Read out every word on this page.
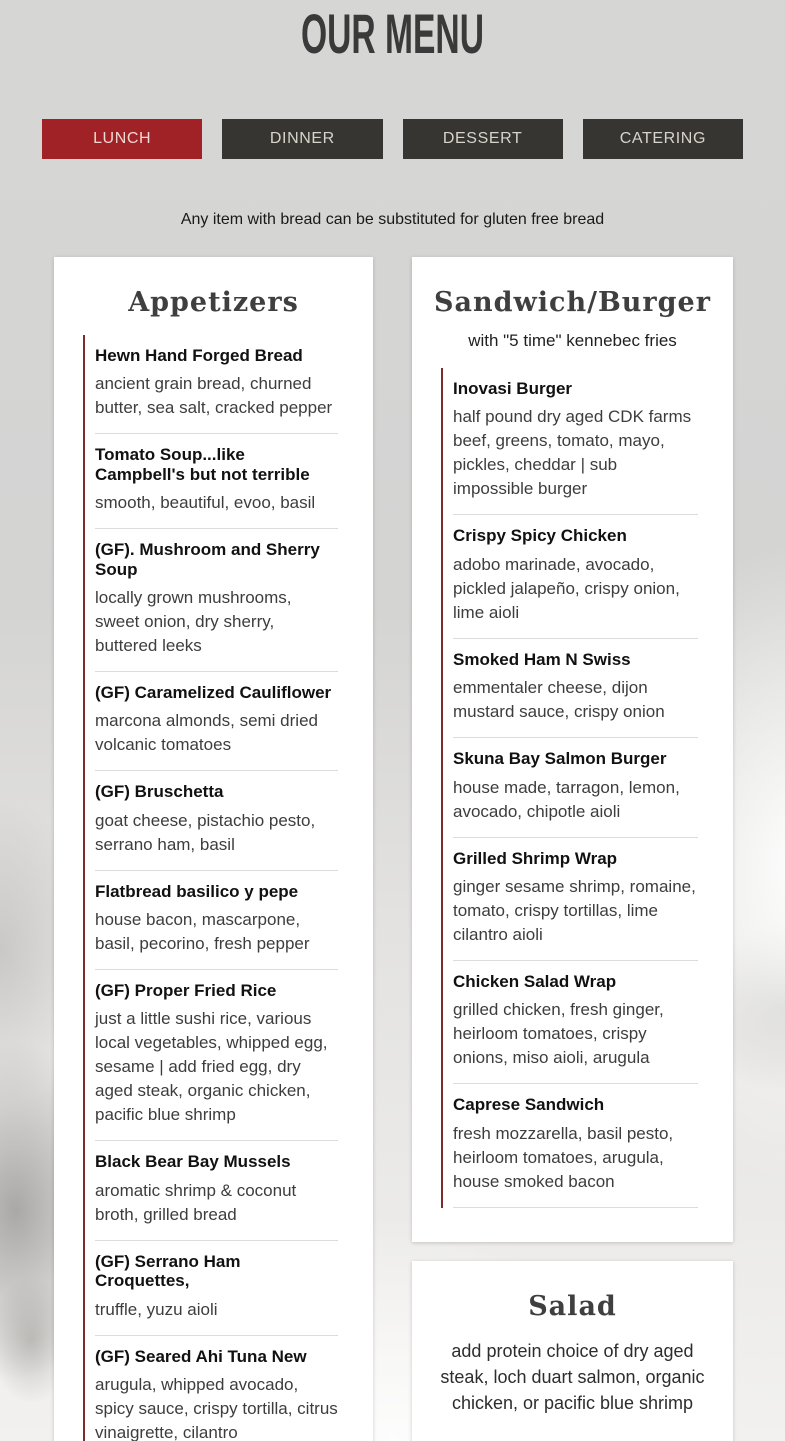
OUR MENU
LUNCH	DINNER	DESSERT	CATERING
Any item with bread can be substituted for gluten free bread
Appetizers
Hewn Hand Forged Bread
ancient grain bread, churned butter, sea salt, cracked pepper
Tomato Soup...like Campbell's but not terrible
smooth, beautiful, evoo, basil
(GF). Mushroom and Sherry Soup
locally grown mushrooms, sweet onion, dry sherry, buttered leeks
(GF) Caramelized Cauliflower
marcona almonds, semi dried volcanic tomatoes
(GF) Bruschetta
goat cheese, pistachio pesto, serrano ham, basil
Flatbread basilico y pepe
house bacon, mascarpone, basil, pecorino, fresh pepper
(GF) Proper Fried Rice
just a little sushi rice, various local vegetables, whipped egg, sesame | add fried egg, dry aged steak, organic chicken, pacific blue shrimp
Black Bear Bay Mussels
aromatic shrimp & coconut broth, grilled bread
(GF) Serrano Ham Croquettes,
truffle, yuzu aioli
(GF) Seared Ahi Tuna New
arugula, whipped avocado, spicy sauce, crispy tortilla, citrus vinaigrette, cilantro
Sandwich/Burger
with "5 time" kennebec fries
Inovasi Burger
half pound dry aged CDK farms beef, greens, tomato, mayo, pickles, cheddar | sub impossible burger
Crispy Spicy Chicken
adobo marinade, avocado, pickled jalapeño, crispy onion, lime aioli
Smoked Ham N Swiss
emmentaler cheese, dijon mustard sauce, crispy onion
Skuna Bay Salmon Burger
house made, tarragon, lemon, avocado, chipotle aioli
Grilled Shrimp Wrap
ginger sesame shrimp, romaine, tomato, crispy tortillas, lime cilantro aioli
Chicken Salad Wrap
grilled chicken, fresh ginger, heirloom tomatoes, crispy onions, miso aioli, arugula
Caprese Sandwich
fresh mozzarella, basil pesto, heirloom tomatoes, arugula, house smoked bacon
Salad
add protein choice of dry aged steak, loch duart salmon, organic chicken, or pacific blue shrimp
